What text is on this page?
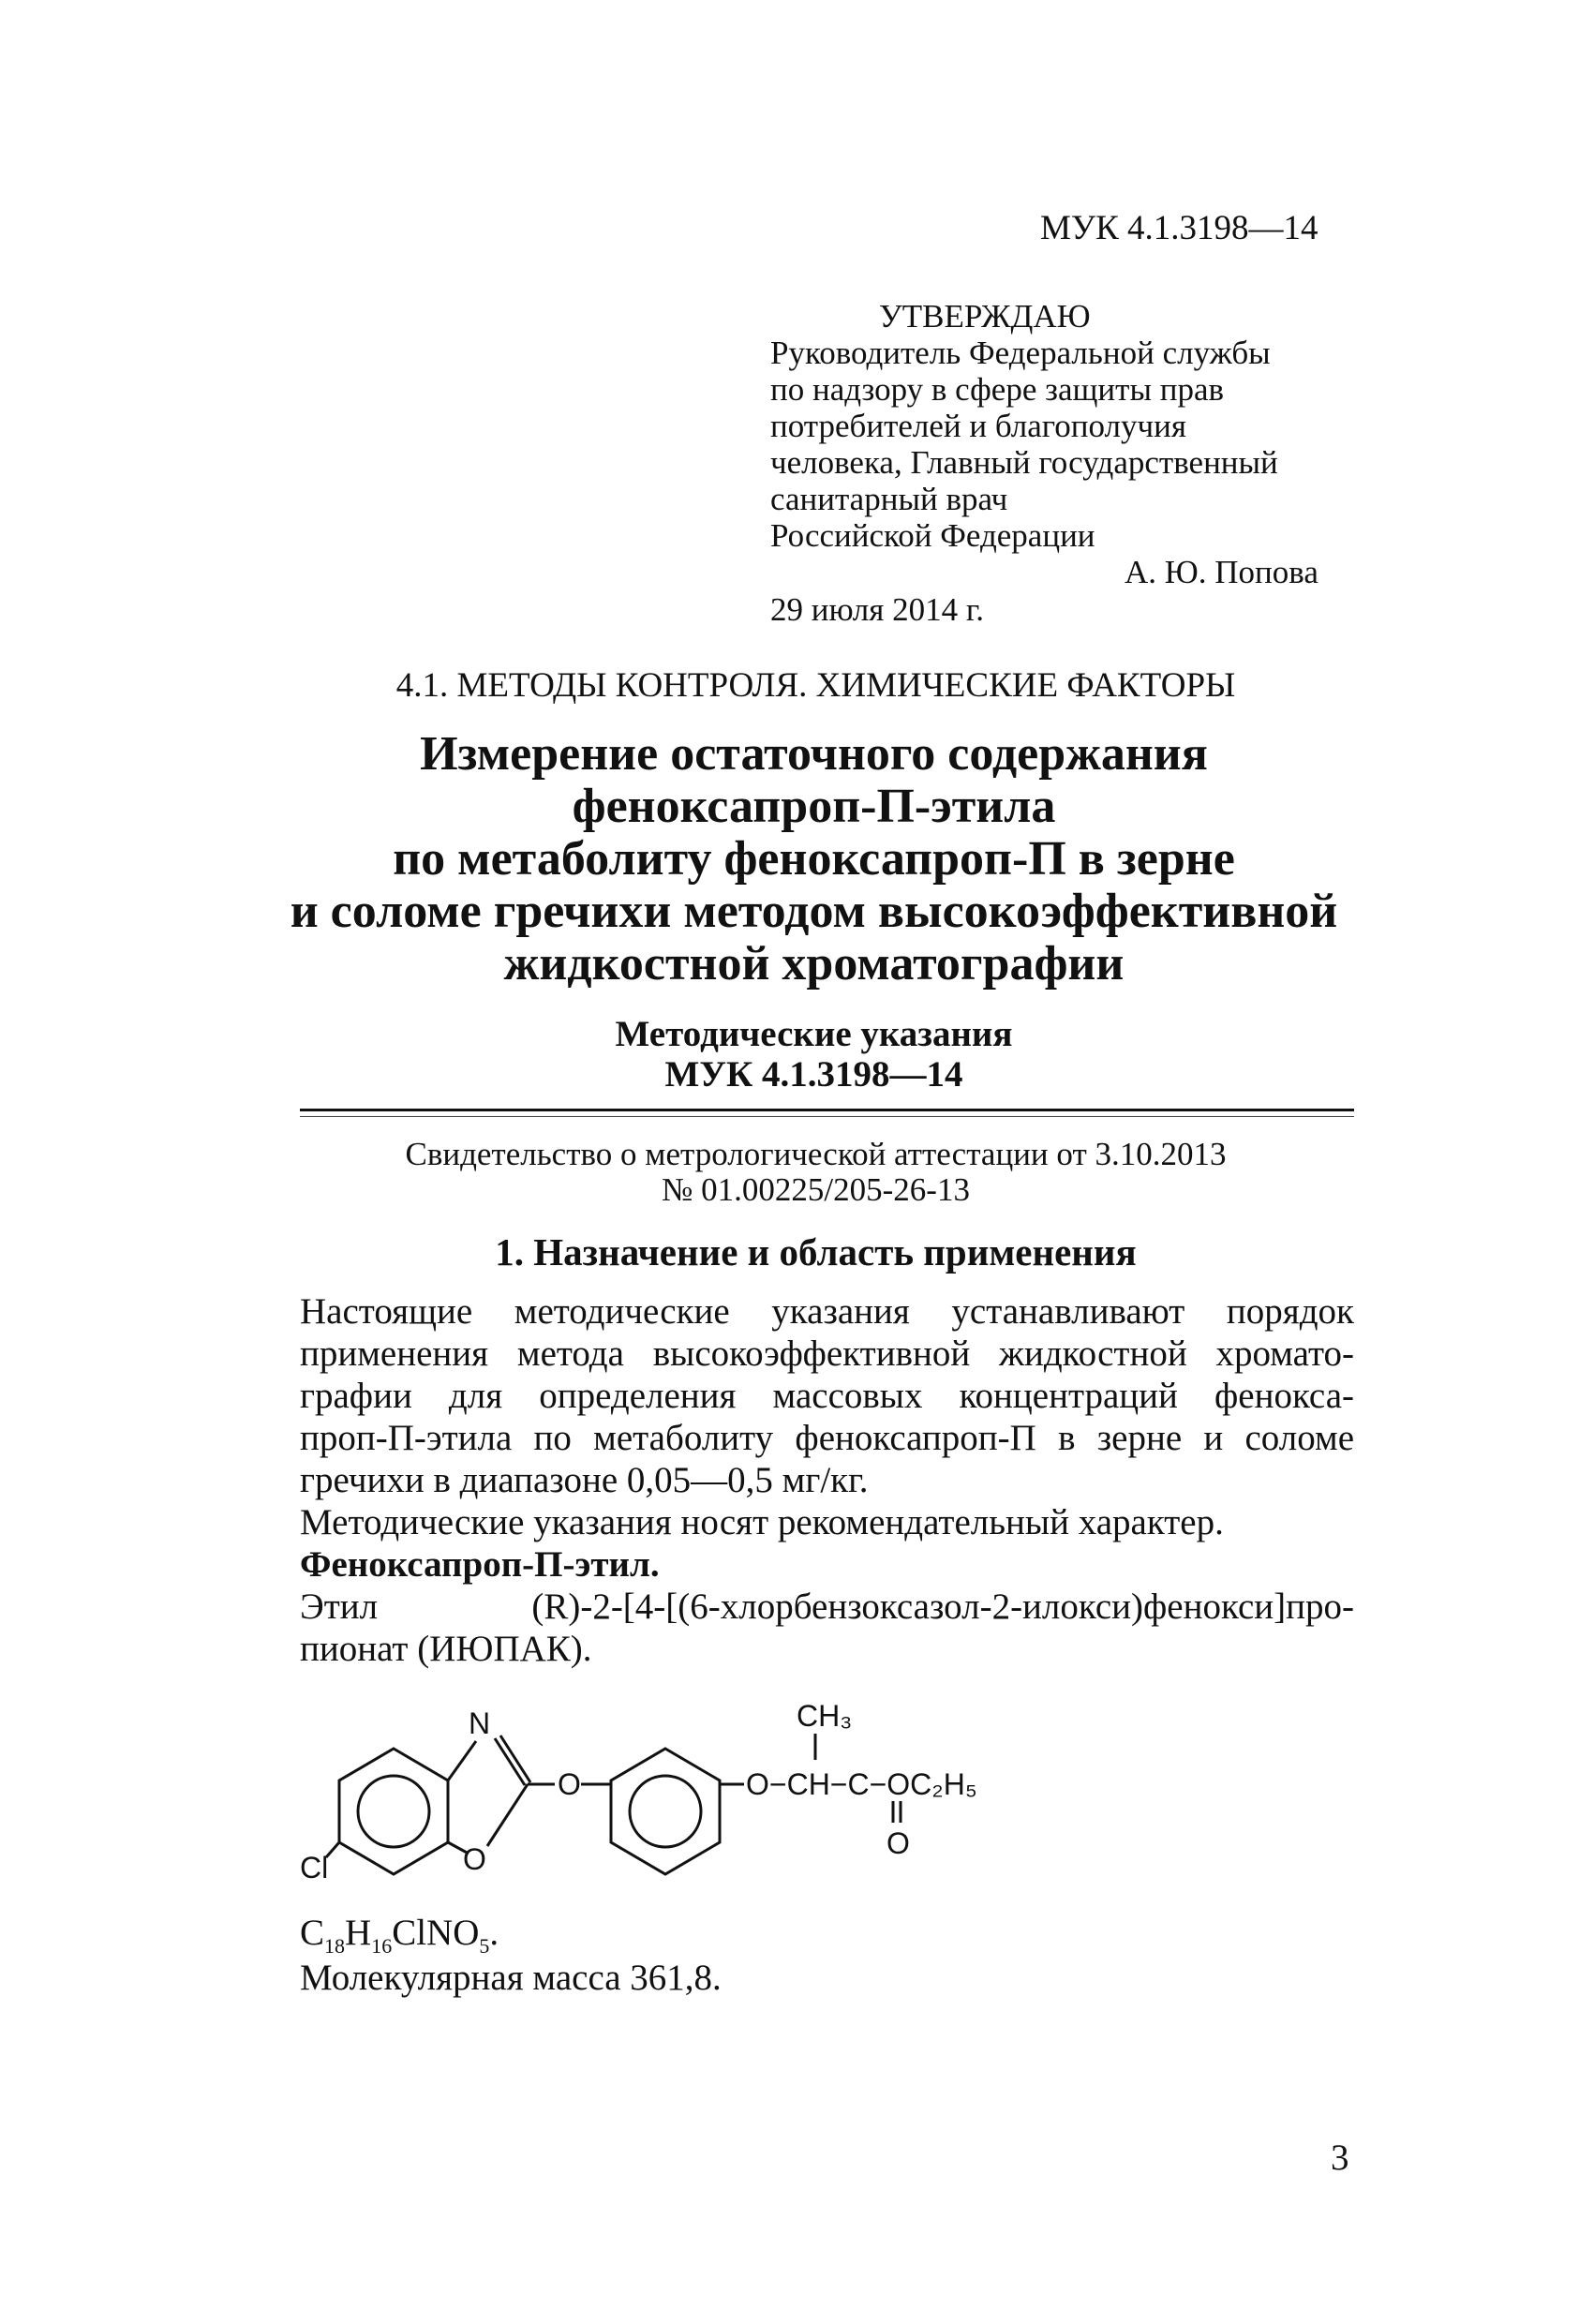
МУК 4.1.3198—14

УТВЕРЖДАЮ
Руководитель Федеральной службы
по надзору в сфере защиты прав
потребителей и благополучия
человека, Главный государственный
санитарный врач
Российской Федерации
А. Ю. Попова

29 июля 2014 г.

4.1. МЕТОДЫ КОНТРОЛЯ. ХИМИЧЕСКИЕ ФАКТОРЫ

Измерение остаточного содержания
феноксапроп-П-этила
по метаболиту феноксапроп-П в зерне
и соломе гречихи методом высокоэффективной
жидкостной хроматографии
Методические указания
МУК 4.1.3198—14
Свидетельство о метрологической аттестации от 3.10.2013
№ 01.00225/205-26-13

1. Назначение и область применения

Настоящие методические указания устанавливают порядок
применения метода высокоэффективной жидкостной хромато-
графии для определения массовых концентраций фенокса-
проп-П-этила по метаболиту феноксапроп-П в зерне и соломе
гречихи в диапазоне 0,05—0,5 мг/кг.
Методические указания носят рекомендательный характер.
Феноксапроп-П-этил.
Этил (R)-2-[4-[(6-хлорбензоксазол-2-илокси)фенокси]про-
пионат (ИЮПАК).
N
O
Cl
O	O−CH−C−OC₂H₅
CH₃
O

$C_{18}H_{16}ClNO_5$.

Молекулярная масса 361,8.

3
